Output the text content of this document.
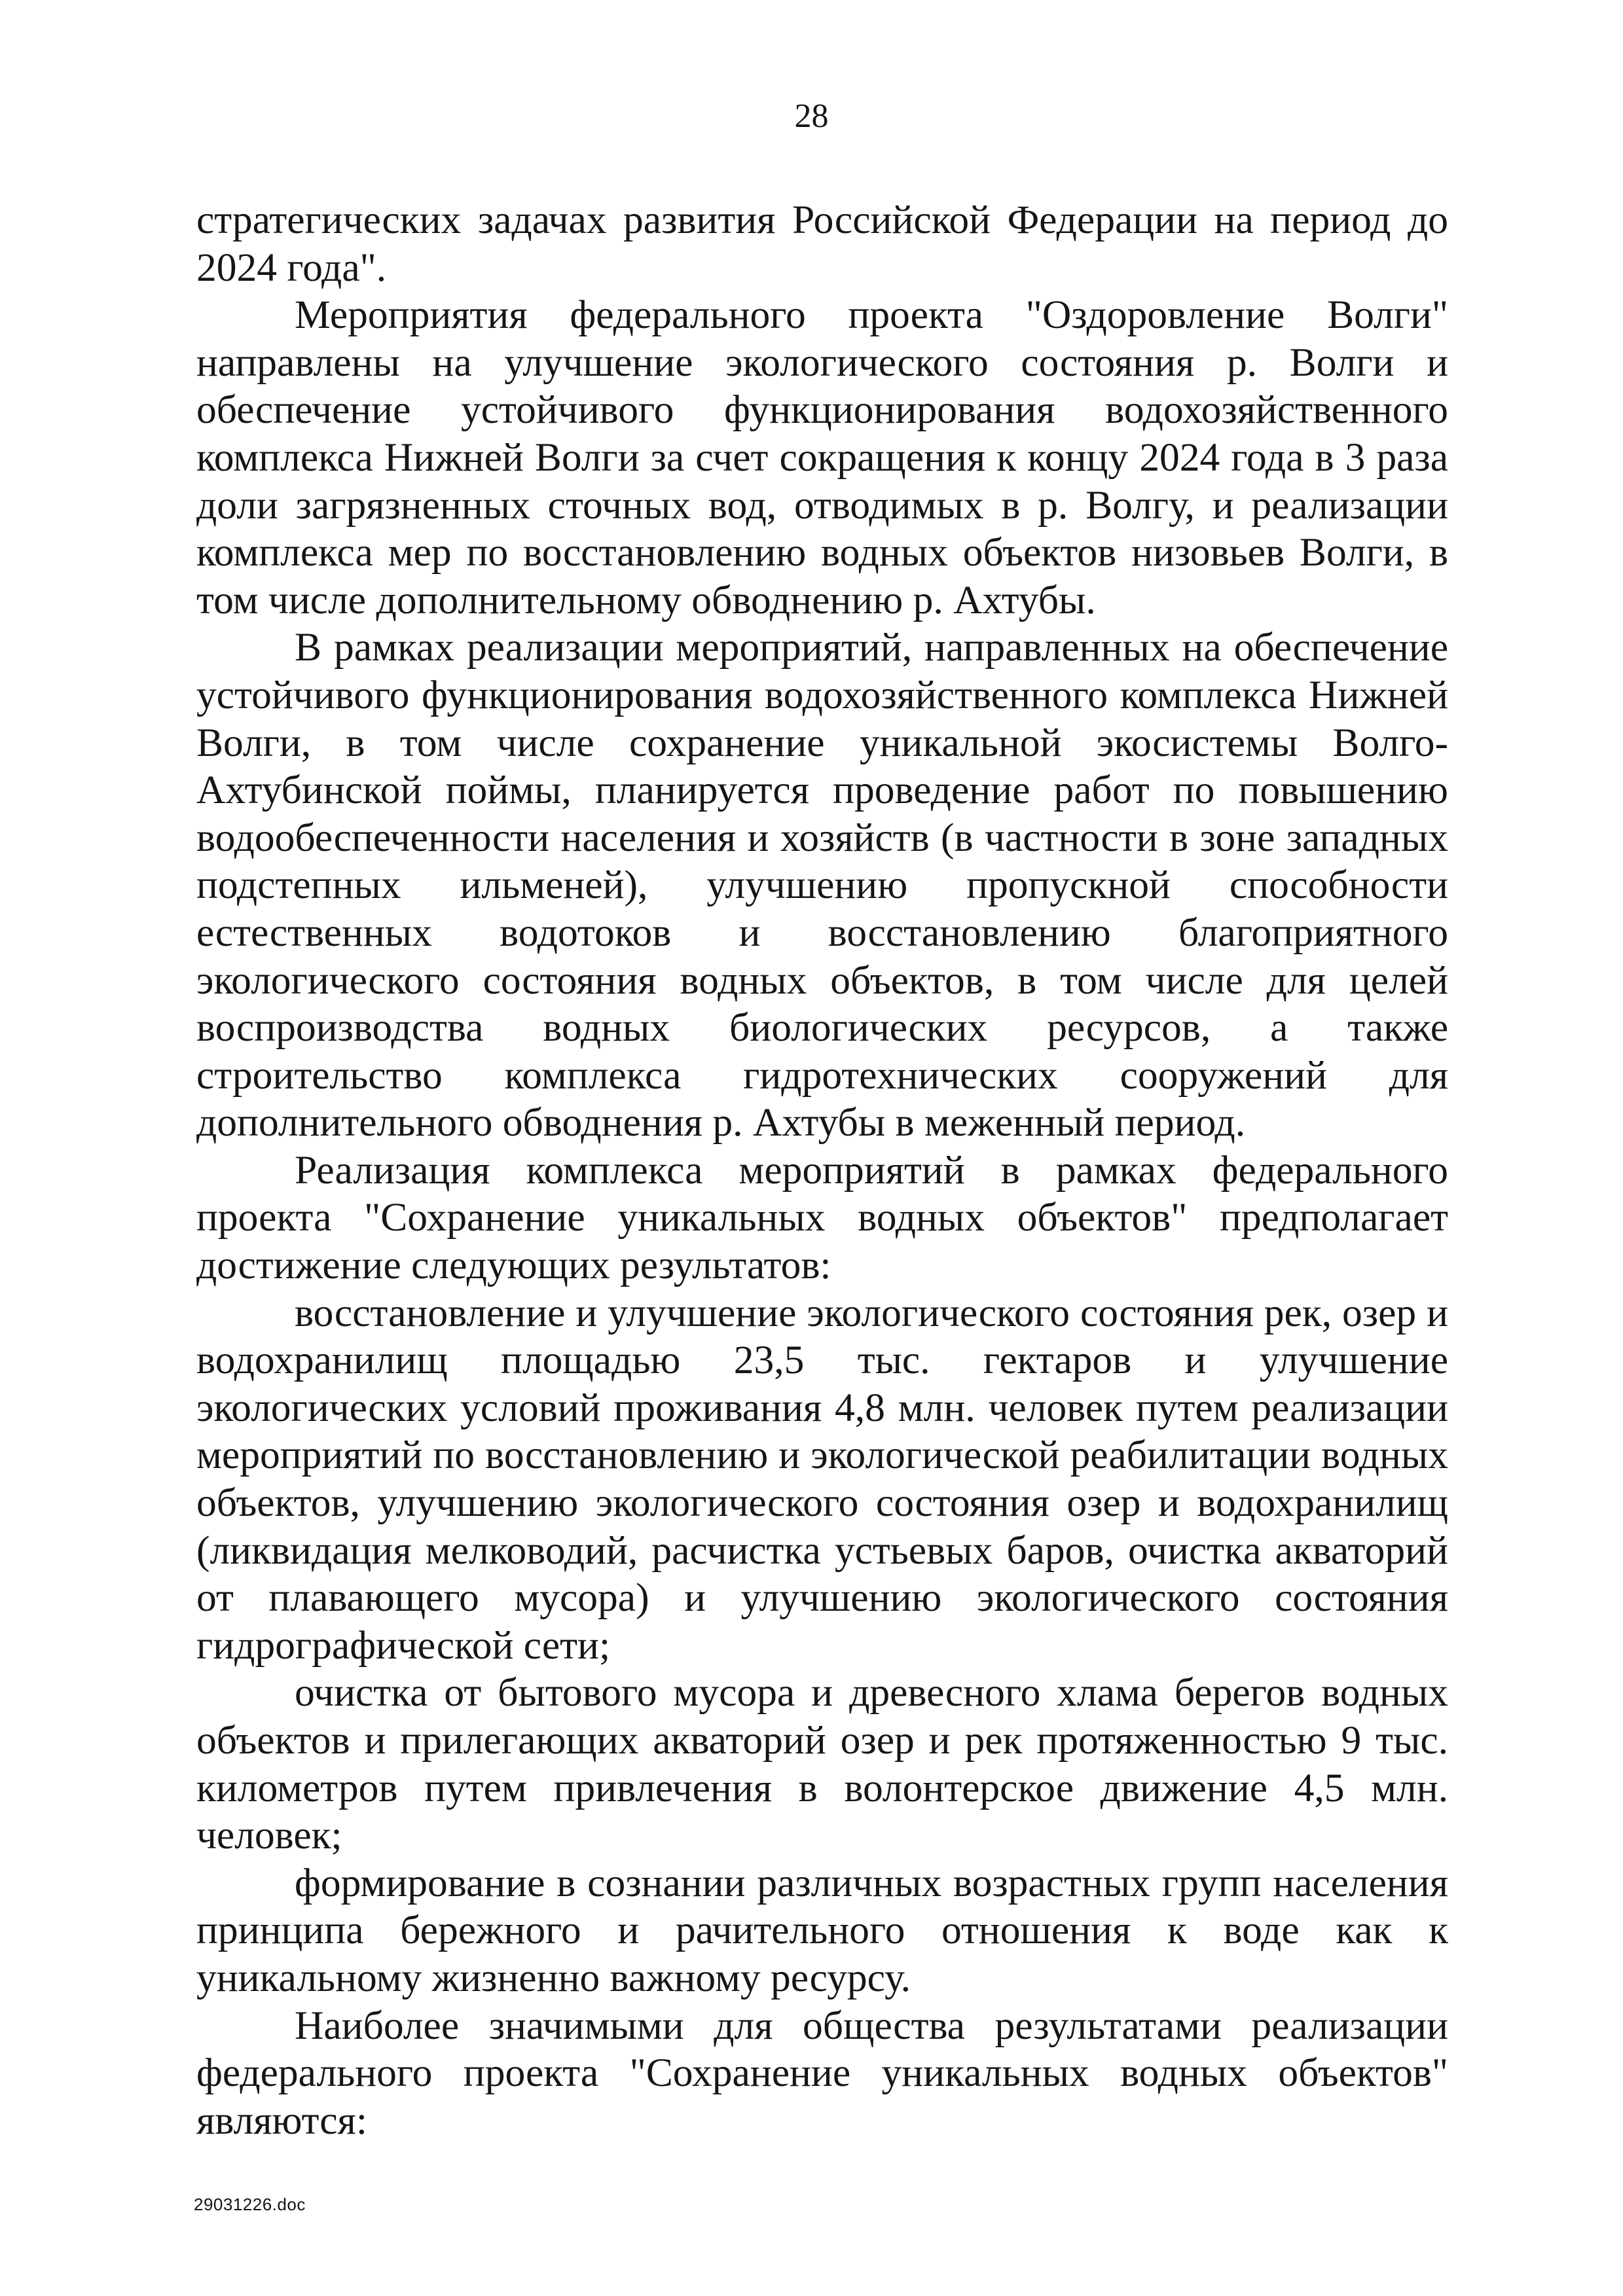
28

стратегических задачах развития Российской Федерации на период до 2024 года".

Мероприятия федерального проекта "Оздоровление Волги" направлены на улучшение экологического состояния р. Волги и обеспечение устойчивого функционирования водохозяйственного комплекса Нижней Волги за счет сокращения к концу 2024 года в 3 раза доли загрязненных сточных вод, отводимых в р. Волгу, и реализации комплекса мер по восстановлению водных объектов низовьев Волги, в том числе дополнительному обводнению р. Ахтубы.

В рамках реализации мероприятий, направленных на обеспечение устойчивого функционирования водохозяйственного комплекса Нижней Волги, в том числе сохранение уникальной экосистемы Волго-Ахтубинской поймы, планируется проведение работ по повышению водообеспеченности населения и хозяйств (в частности в зоне западных подстепных ильменей), улучшению пропускной способности естественных водотоков и восстановлению благоприятного экологического состояния водных объектов, в том числе для целей воспроизводства водных биологических ресурсов, а также строительство комплекса гидротехнических сооружений для дополнительного обводнения р. Ахтубы в меженный период.

Реализация комплекса мероприятий в рамках федерального проекта "Сохранение уникальных водных объектов" предполагает достижение следующих результатов:

восстановление и улучшение экологического состояния рек, озер и водохранилищ площадью 23,5 тыс. гектаров и улучшение экологических условий проживания 4,8 млн. человек путем реализации мероприятий по восстановлению и экологической реабилитации водных объектов, улучшению экологического состояния озер и водохранилищ (ликвидация мелководий, расчистка устьевых баров, очистка акваторий от плавающего мусора) и улучшению экологического состояния гидрографической сети;

очистка от бытового мусора и древесного хлама берегов водных объектов и прилегающих акваторий озер и рек протяженностью 9 тыс. километров путем привлечения в волонтерское движение 4,5 млн. человек;

формирование в сознании различных возрастных групп населения принципа бережного и рачительного отношения к воде как к уникальному жизненно важному ресурсу.

Наиболее значимыми для общества результатами реализации федерального проекта "Сохранение уникальных водных объектов" являются:

29031226.doc
